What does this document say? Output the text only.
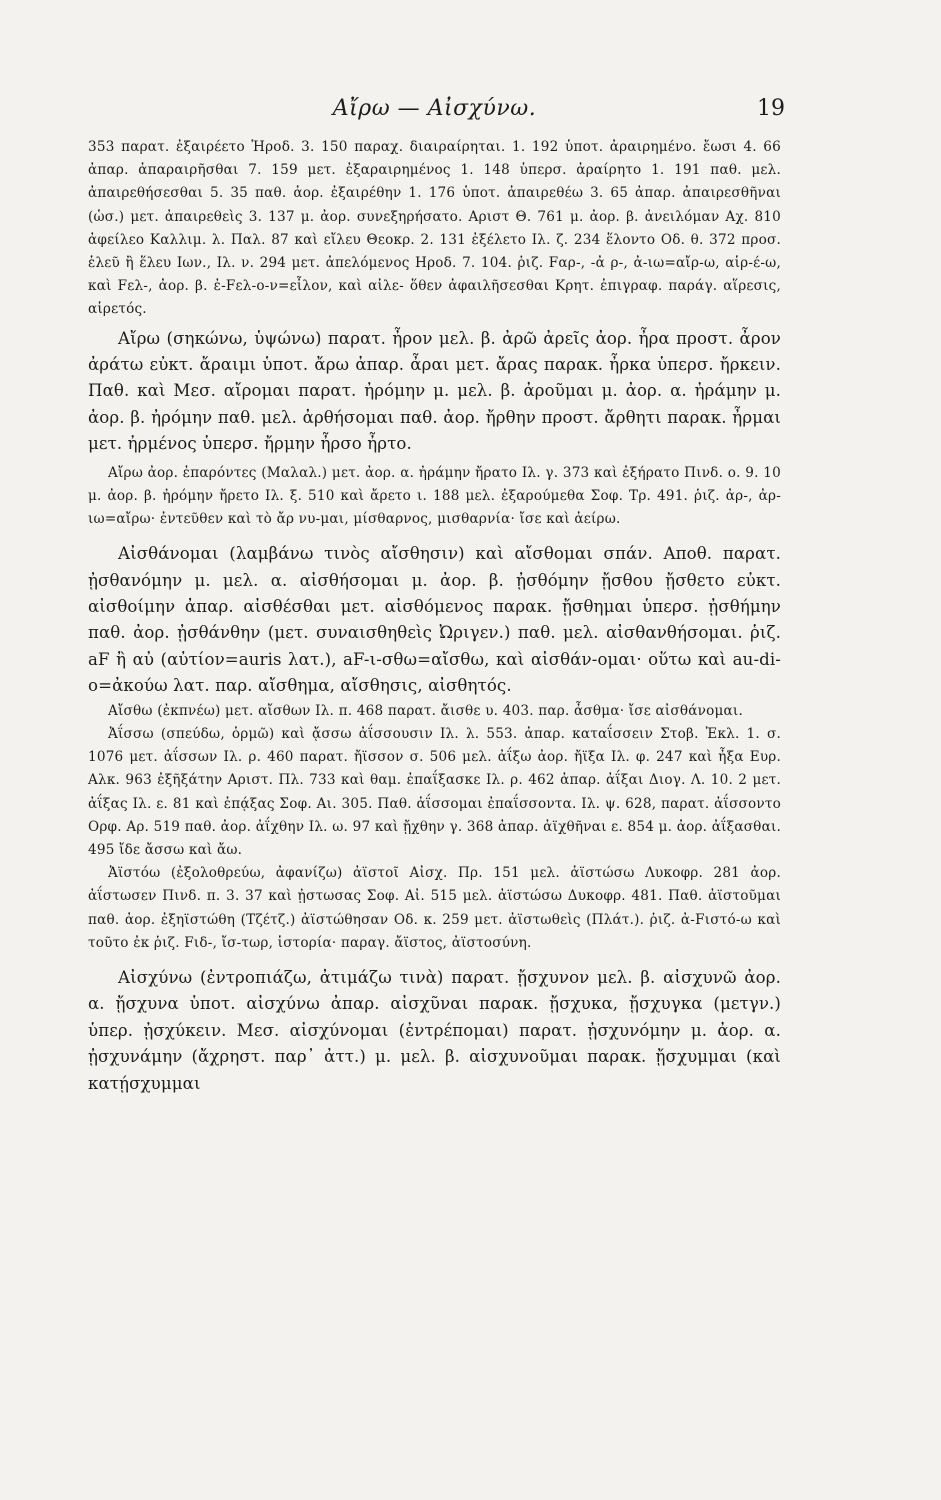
Αἴρω — Αἰσχύνω.	19

353 παρατ. ἐξαιρέετο Ἡροδ. 3. 150 παραχ. διαιραίρηται. 1. 192 ὑποτ. ἀραιρημένο. ἔωσι 4. 66 ἀπαρ. ἀπαραιρῆσθαι 7. 159 μετ. ἐξαραιρημένος 1. 148 ὑπερσ. ἀραίρητο 1. 191 παθ. μελ. ἀπαιρεθήσεσθαι 5. 35 παθ. ἀορ. ἐξαιρέθην 1. 176 ὑποτ. ἀπαιρεθέω 3. 65 ἀπαρ. ἀπαιρεσθῆναι (ὡσ.) μετ. ἀπαιρεθεὶς 3. 137 μ. ἀορ. συνεξηρήσατο. Αριστ Θ. 761 μ. ἀορ. β. ἀνειλόμαν Αχ. 810 ἀφείλεο Καλλιμ. λ. Παλ. 87 καὶ εἴλευ Θεοκρ. 2. 131 ἐξέλετο Ιλ. ζ. 234 ἕλοντο Οδ. θ. 372 προσ. ἑλεῦ ἢ ἕλευ Ιων., Ιλ. ν. 294 μετ. ἀπελόμενος Ηροδ. 7. 104. ῥιζ. Fαρ-, -ἀ ρ-, ἀ-ιω=αἴρ-ω, αἱρ-έ-ω, καὶ Fελ-, ἀορ. β. ἐ-Fελ-ο-ν=εἷλον, καὶ αἱλε- ὅθεν ἀφαιλῆσεσθαι Κρητ. ἐπιγραφ. παράγ. αἵρεσις, αἱρετός.

Αἴρω (σηκώνω, ὑψώνω) παρατ. ἦρον μελ. β. ἀρῶ ἀρεῖς ἀορ. ἦρα προστ. ἆρον ἀράτω εὐκτ. ἄραιμι ὑποτ. ἄρω ἀπαρ. ἆραι μετ. ἄρας παρακ. ἦρκα ὑπερσ. ἤρκειν. Παθ. καὶ Μεσ. αἴρομαι παρατ. ἠρόμην μ. μελ. β. ἀροῦμαι μ. ἀορ. α. ἠράμην μ. ἀορ. β. ἠρόμην παθ. μελ. ἀρθήσομαι παθ. ἀορ. ἤρθην προστ. ἄρθητι παρακ. ἦρμαι μετ. ἠρμένος ὑπερσ. ἤρμην ἦρσο ἦρτο.

Αἴρω ἀορ. ἐπαρόντες (Μαλαλ.) μετ. ἀορ. α. ἠράμην ἤρατο Ιλ. γ. 373 καὶ ἐξήρατο Πινδ. ο. 9. 10 μ. ἀορ. β. ἠρόμην ἤρετο Ιλ. ξ. 510 καὶ ἄρετο ι. 188 μελ. ἐξαρούμεθα Σοφ. Τρ. 491. ῥιζ. ἀρ-, ἀρ-ιω=αἴρω· ἐντεῦθεν καὶ τὸ ἄρ νυ-μαι, μίσθαρνος, μισθαρνία· ἴσε καὶ ἀείρω.

Αἰσθάνομαι (λαμβάνω τινὸς αἴσθησιν) καὶ αἴσθομαι σπάν. Αποθ. παρατ. ᾐσθανόμην μ. μελ. α. αἰσθήσομαι μ. ἀορ. β. ᾐσθόμην ᾔσθου ᾔσθετο εὐκτ. αἰσθοίμην ἀπαρ. αἰσθέσθαι μετ. αἰσθόμενος παρακ. ᾔσθημαι ὑπερσ. ᾐσθήμην παθ. ἀορ. ᾐσθάνθην (μετ. συναισθηθεὶς Ὠριγεν.) παθ. μελ. αἰσθανθήσομαι. ῥιζ. aF ἢ αὐ (αὐτίον=auris λατ.), aF-ι-σθω=αἴσθω, καὶ αἰσθάν-ομαι· οὕτω καὶ au-di-o=ἀκούω λατ. παρ. αἴσθημα, αἴσθησις, αἰσθητός.

Αἴσθω (ἐκπνέω) μετ. αἴσθων Ιλ. π. 468 παρατ. ἄισθε υ. 403. παρ. ἆσθμα· ἴσε αἰσθάνομαι.

Ἀΐσσω (σπεύδω, ὁρμῶ) καὶ ᾄσσω ἀΐσσουσιν Ιλ. λ. 553. ἀπαρ. καταΐσσειν Στοβ. Ἐκλ. 1. σ. 1076 μετ. ἀΐσσων Ιλ. ρ. 460 παρατ. ἤϊσσον σ. 506 μελ. ἀΐξω ἀορ. ἤϊξα Ιλ. φ. 247 καὶ ἦξα Ευρ. Αλκ. 963 ἐξῆξάτην Αριστ. Πλ. 733 καὶ θαμ. ἐπαΐξασκε Ιλ. ρ. 462 ἀπαρ. ἀΐξαι Διογ. Λ. 10. 2 μετ. ἀΐξας Ιλ. ε. 81 καὶ ἐπᾴξας Σοφ. Αι. 305. Παθ. ἀΐσσομαι ἐπαΐσσοντα. Ιλ. ψ. 628, παρατ. ἀΐσσοντο Ορφ. Αρ. 519 παθ. ἀορ. ἀΐχθην Ιλ. ω. 97 καὶ ᾔχθην γ. 368 ἀπαρ. ἀϊχθῆναι ε. 854 μ. ἀορ. ἀΐξασθαι. 495 ἴδε ἄσσω καὶ ἄω.

Ἀϊστόω (ἐξολοθρεύω, ἀφανίζω) ἀϊστοῖ Αἰσχ. Πρ. 151 μελ. ἀϊστώσω Λυκοφρ. 281 ἀορ. ἀΐστωσεν Πινδ. π. 3. 37 καὶ ᾐστωσας Σοφ. Αἰ. 515 μελ. ἀϊστώσω Δυκοφρ. 481. Παθ. ἀϊστοῦμαι παθ. ἀορ. ἐξηϊστώθη (Τζέτζ.) ἀϊστώθησαν Οδ. κ. 259 μετ. ἀϊστωθεὶς (Πλάτ.). ῥιζ. ἀ-Fιστό-ω καὶ τοῦτο ἐκ ῥιζ. Fιδ-, ἴσ-τωρ, ἱστορία· παραγ. ἄϊστος, ἀϊστοσύνη.

Αἰσχύνω (ἐντροπιάζω, ἀτιμάζω τινὰ) παρατ. ᾔσχυνον μελ. β. αἰσχυνῶ ἀορ. α. ᾔσχυνα ὑποτ. αἰσχύνω ἀπαρ. αἰσχῦναι παρακ. ᾔσχυκα, ᾔσχυγκα (μετγν.) ὑπερ. ᾐσχύκειν. Μεσ. αἰσχύνομαι (ἐντρέπομαι) παρατ. ᾐσχυνόμην μ. ἀορ. α. ᾐσχυνάμην (ἄχρηστ. παρ᾽ ἀττ.) μ. μελ. β. αἰσχυνοῦμαι παρακ. ᾔσχυμμαι (καὶ κατῄσχυμμαι
